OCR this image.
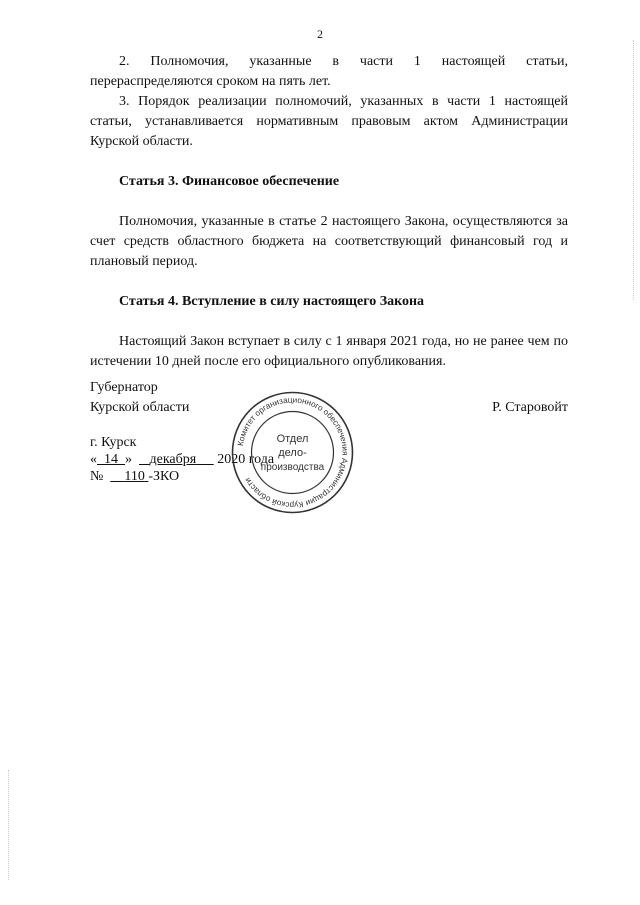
2

2. Полномочия, указанные в части 1 настоящей статьи, перераспределяются сроком на пять лет.

3. Порядок реализации полномочий, указанных в части 1 настоящей статьи, устанавливается нормативным правовым актом Администрации Курской области.

Статья 3. Финансовое обеспечение

Полномочия, указанные в статье 2 настоящего Закона, осуществляются за счет средств областного бюджета на соответствующий финансовый год и плановый период.

Статья 4. Вступление в силу настоящего Закона

Настоящий Закон вступает в силу с 1 января 2021 года, но не ранее чем по истечении 10 дней после его официального опубликования.

Губернатор
Курской области	Р. Старовойт
г. Курск
« 14 » декабря 2020 года
№ 110 -ЗКО
Комитет организационного обеспечения Администрации Курской области
Отдел
дело-
производства
